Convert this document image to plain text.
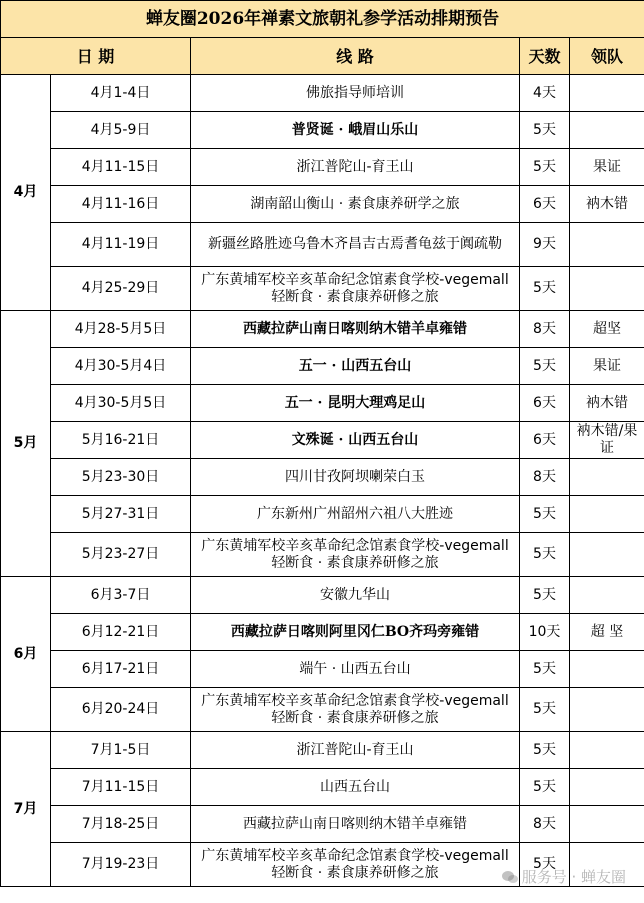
蝉友圈2026年禅素文旅朝礼参学活动排期预告				
日 期		线 路	天数	领队
4月	4月1-4日	佛旅指导师培训	4天	
	4月5-9日	普贤诞 · 峨眉山乐山	5天	
	4月11-15日	浙江普陀山-育王山	5天	果证
	4月11-16日	湖南韶山衡山 · 素食康养研学之旅	6天	衲木错
	4月11-19日	新疆丝路胜迹乌鲁木齐昌吉古焉耆龟兹于阗疏勒	9天	
	4月25-29日	广东黄埔军校辛亥革命纪念馆素食学校-vegemall轻断食 · 素食康养研修之旅	5天	
5月	4月28-5月5日	西藏拉萨山南日喀则纳木错羊卓雍错	8天	超坚
	4月30-5月4日	五一 · 山西五台山	5天	果证
	4月30-5月5日	五一 · 昆明大理鸡足山	6天	衲木错
	5月16-21日	文殊诞 · 山西五台山	6天	衲木错/果证
	5月23-30日	四川甘孜阿坝喇荣白玉	8天	
	5月27-31日	广东新州广州韶州六祖八大胜迹	5天	
	5月23-27日	广东黄埔军校辛亥革命纪念馆素食学校-vegemall轻断食 · 素食康养研修之旅	5天	
6月	6月3-7日	安徽九华山	5天	
	6月12-21日	西藏拉萨日喀则阿里冈仁BO齐玛旁雍错	10天	超 坚
	6月17-21日	端午 · 山西五台山	5天	
	6月20-24日	广东黄埔军校辛亥革命纪念馆素食学校-vegemall轻断食 · 素食康养研修之旅	5天	
7月	7月1-5日	浙江普陀山-育王山	5天	
	7月11-15日	山西五台山	5天	
	7月18-25日	西藏拉萨山南日喀则纳木错羊卓雍错	8天	
	7月19-23日	广东黄埔军校辛亥革命纪念馆素食学校-vegemall轻断食 · 素食康养研修之旅	5天	
服务号 · 蝉友圈
